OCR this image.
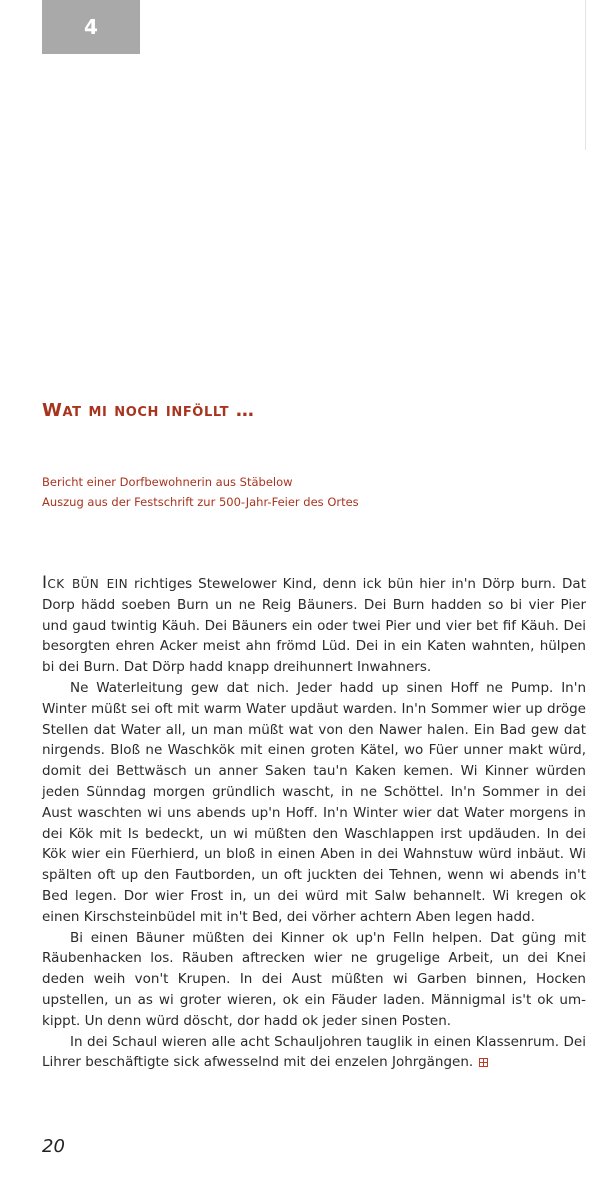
4
Wat mi noch inföllt …
Bericht einer Dorfbewohnerin aus Stäbelow
Auszug aus der Festschrift zur 500-Jahr-Feier des Ortes

Ick bün ein richtiges Stewelower Kind, denn ick bün hier in'n Dörp burn. Dat Dorp hädd soeben Burn un ne Reig Bäuners. Dei Burn hadden so bi vier Pier und gaud twintig Käuh. Dei Bäuners ein oder twei Pier und vier bet fif Käuh. Dei besorgten ehren Acker meist ahn frömd Lüd. Dei in ein Katen wahnten, hülpen bi dei Burn. Dat Dörp hadd knapp dreihunnert Inwahners.

Ne Waterleitung gew dat nich. Jeder hadd up sinen Hoff ne Pump. In'n Winter müßt sei oft mit warm Water updäut warden. In'n Sommer wier up dröge Stellen dat Water all, un man müßt wat von den Nawer halen. Ein Bad gew dat nirgends. Bloß ne Waschkök mit einen groten Kätel, wo Füer unner makt würd, domit dei Bettwäsch un anner Saken tau'n Kaken kemen. Wi Kinner würden jeden Sünndag morgen gründlich wascht, in ne Schöttel. In'n Sommer in dei Aust waschten wi uns abends up'n Hoff. In'n Winter wier dat Water morgens in dei Kök mit Is bedeckt, un wi müßten den Waschlappen irst updäuden. In dei Kök wier ein Füerhierd, un bloß in einen Aben in dei Wahnstuw würd inbäut. Wi spälten oft up den Fautborden, un oft juckten dei Tehnen, wenn wi abends in't Bed legen. Dor wier Frost in, un dei würd mit Salw behannelt. Wi kregen ok einen Kirschsteinbüdel mit in't Bed, dei vörher achtern Aben legen hadd.

Bi einen Bäuner müßten dei Kinner ok up'n Felln helpen. Dat güng mit Räubenhacken los. Räuben aftrecken wier ne grugelige Arbeit, un dei Knei deden weih von't Krupen. In dei Aust müßten wi Garben binnen, Hocken upstellen, un as wi groter wieren, ok ein Fäuder laden. Männigmal is't ok umkippt. Un denn würd döscht, dor hadd ok jeder sinen Posten.

In dei Schaul wieren alle acht Schauljohren tauglik in einen Klassenrum. Dei Lihrer beschäftigte sick afwesselnd mit dei enzelen Johrgängen.

20
